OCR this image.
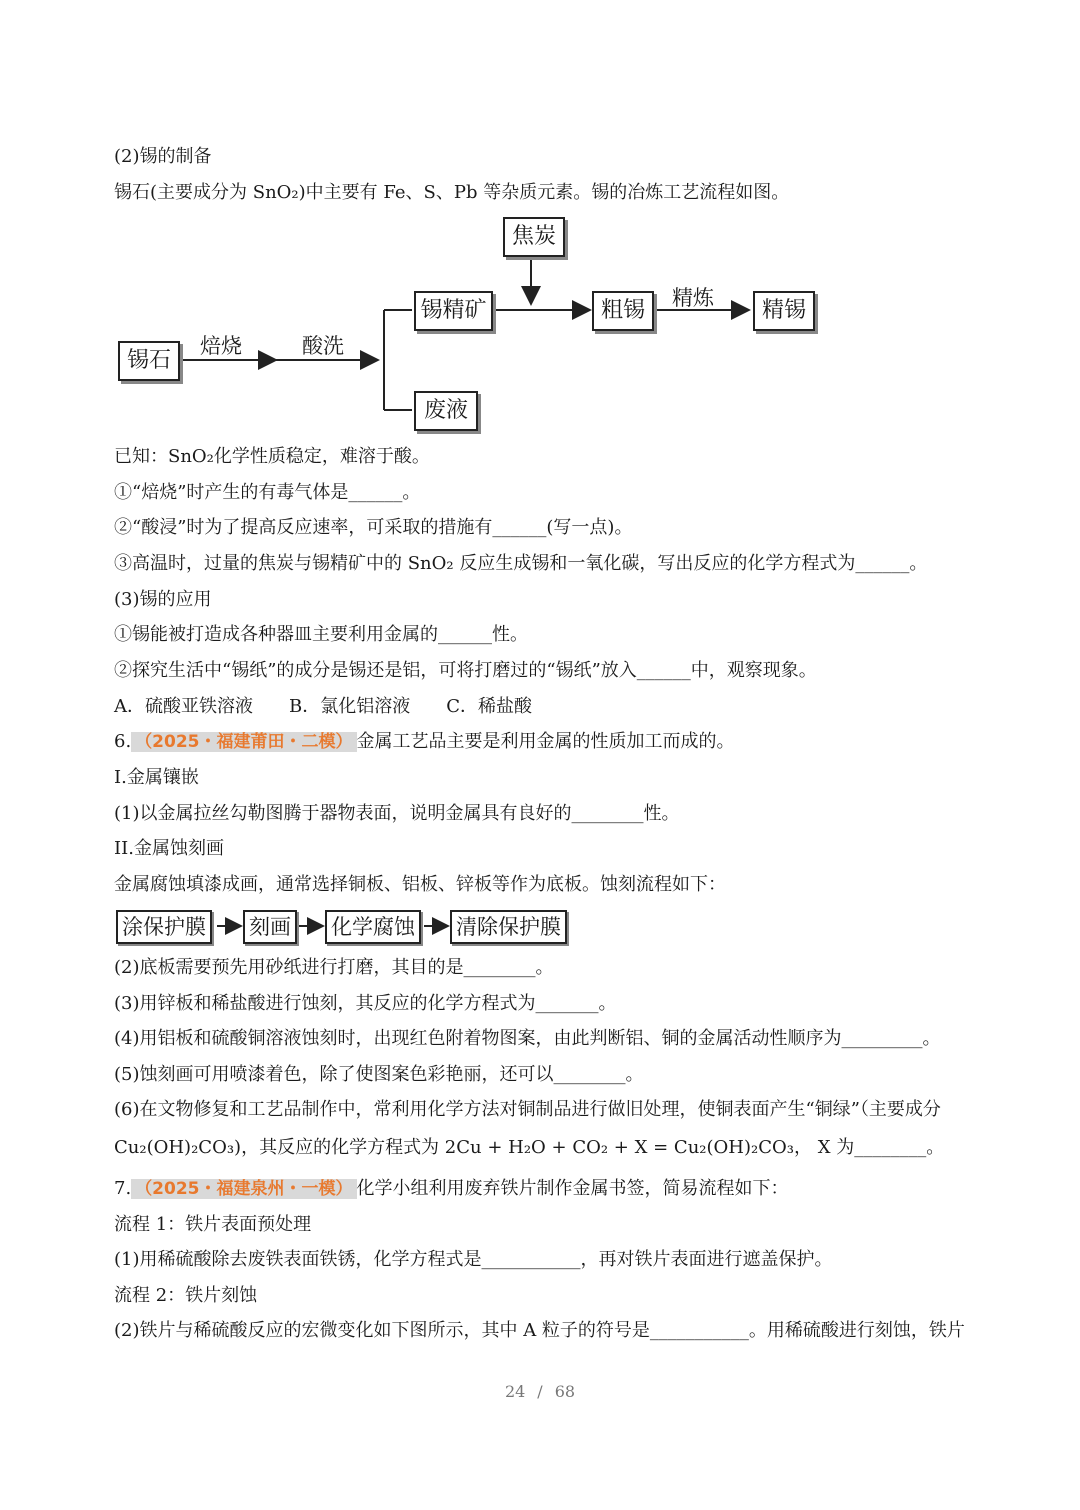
(2)锡的制备
锡石(主要成分为 SnO₂)中主要有 Fe、S、Pb 等杂质元素。锡的冶炼工艺流程如图。
锡石
焙烧	酸洗
锡精矿
废液
焦炭
粗锡	精炼	精锡
已知：SnO₂化学性质稳定，难溶于酸。
①“焙烧”时产生的有毒气体是______。
②“酸浸”时为了提高反应速率，可采取的措施有______(写一点)。
③高温时，过量的焦炭与锡精矿中的 SnO₂ 反应生成锡和一氧化碳，写出反应的化学方程式为______。
(3)锡的应用
①锡能被打造成各种器皿主要利用金属的______性。
②探究生活中“锡纸”的成分是锡还是铝，可将打磨过的“锡纸”放入______中，观察现象。
A．硫酸亚铁溶液　　B．氯化铝溶液　　C．稀盐酸
6. （2025・福建莆田・二模） 金属工艺品主要是利用金属的性质加工而成的。
I.金属镶嵌
(1)以金属拉丝勾勒图腾于器物表面，说明金属具有良好的________性。
II.金属蚀刻画
金属腐蚀填漆成画，通常选择铜板、铝板、锌板等作为底板。蚀刻流程如下：
涂保护膜 刻画 化学腐蚀 清除保护膜
(2)底板需要预先用砂纸进行打磨，其目的是________。
(3)用锌板和稀盐酸进行蚀刻，其反应的化学方程式为_______。
(4)用铝板和硫酸铜溶液蚀刻时，出现红色附着物图案，由此判断铝、铜的金属活动性顺序为_________。
(5)蚀刻画可用喷漆着色，除了使图案色彩艳丽，还可以________。
(6)在文物修复和工艺品制作中，常利用化学方法对铜制品进行做旧处理，使铜表面产生“铜绿”（主要成分
Cu₂(OH)₂CO₃)，其反应的化学方程式为 2Cu + H₂O + CO₂ + X = Cu₂(OH)₂CO₃， X 为________。
7. （2025・福建泉州・一模） 化学小组利用废弃铁片制作金属书签，简易流程如下：
流程 1：铁片表面预处理
(1)用稀硫酸除去废铁表面铁锈，化学方程式是___________，再对铁片表面进行遮盖保护。
流程 2：铁片刻蚀
(2)铁片与稀硫酸反应的宏微变化如下图所示，其中 A 粒子的符号是___________。用稀硫酸进行刻蚀，铁片
24 / 68
